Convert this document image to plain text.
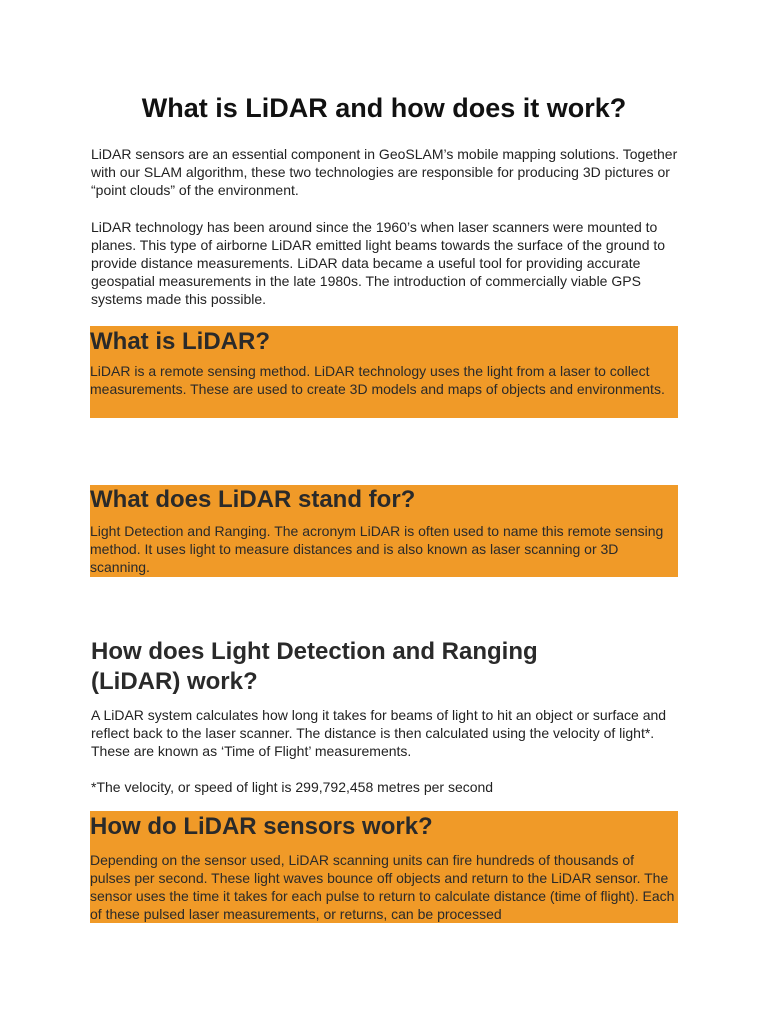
What is LiDAR and how does it work?

LiDAR sensors are an essential component in GeoSLAM’s mobile mapping solutions. Together with our SLAM algorithm, these two technologies are responsible for producing 3D pictures or “point clouds” of the environment.

LiDAR technology has been around since the 1960’s when laser scanners were mounted to planes. This type of airborne LiDAR emitted light beams towards the surface of the ground to provide distance measurements. LiDAR data became a useful tool for providing accurate geospatial measurements in the late 1980s. The introduction of commercially viable GPS systems made this possible.

What is LiDAR?

LiDAR is a remote sensing method. LiDAR technology uses the light from a laser to collect measurements. These are used to create 3D models and maps of objects and environments.

What does LiDAR stand for?

Light Detection and Ranging. The acronym LiDAR is often used to name this remote sensing method. It uses light to measure distances and is also known as laser scanning or 3D scanning.

How does Light Detection and Ranging (LiDAR) work?

A LiDAR system calculates how long it takes for beams of light to hit an object or surface and reflect back to the laser scanner. The distance is then calculated using the velocity of light*. These are known as ‘Time of Flight’ measurements.

*The velocity, or speed of light is 299,792,458 metres per second

How do LiDAR sensors work?

Depending on the sensor used, LiDAR scanning units can fire hundreds of thousands of pulses per second. These light waves bounce off objects and return to the LiDAR sensor. The sensor uses the time it takes for each pulse to return to calculate distance (time of flight). Each of these pulsed laser measurements, or returns, can be processed
